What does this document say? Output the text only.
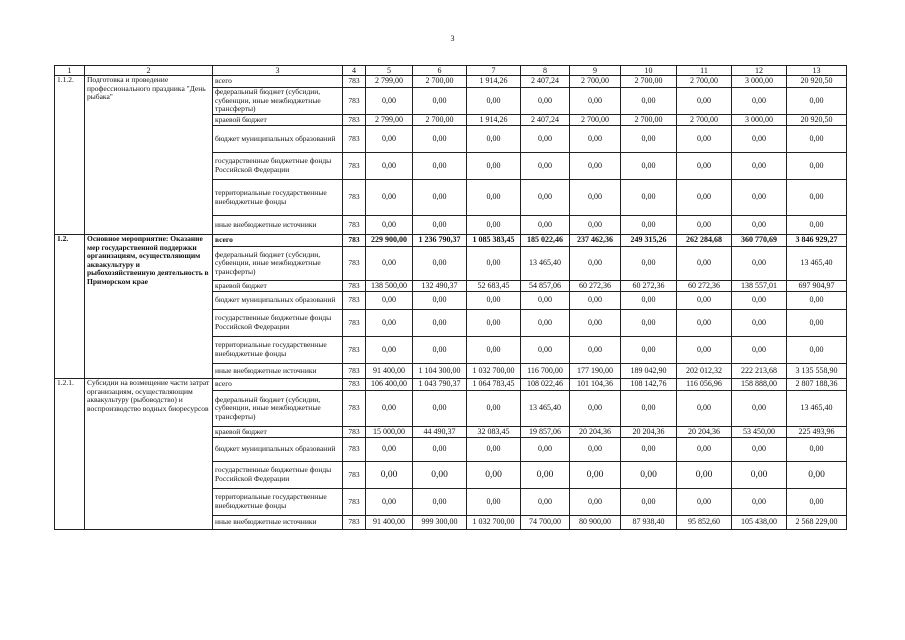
3
1	2	3	4	5	6	7	8	9	10	11	12	13
1.1.2.	Подготовка и проведение профессионального праздника "День рыбака"	всего	783	2 799,00	2 700,00	1 914,26	2 407,24	2 700,00	2 700,00	2 700,00	3 000,00	20 920,50
		федеральный бюджет (субсидии, субвенции, иные межбюджетные трансферты)	783	0,00	0,00	0,00	0,00	0,00	0,00	0,00	0,00	0,00
		краевой бюджет	783	2 799,00	2 700,00	1 914,26	2 407,24	2 700,00	2 700,00	2 700,00	3 000,00	20 920,50
		бюджет муниципальных образований	783	0,00	0,00	0,00	0,00	0,00	0,00	0,00	0,00	0,00
		государственные бюджетные фонды Российской Федерации	783	0,00	0,00	0,00	0,00	0,00	0,00	0,00	0,00	0,00
		территориальные государственные внебюджетные фонды	783	0,00	0,00	0,00	0,00	0,00	0,00	0,00	0,00	0,00
		иные внебюджетные источники	783	0,00	0,00	0,00	0,00	0,00	0,00	0,00	0,00	0,00
1.2.	Основное мероприятие: Оказание мер государственной поддержки организациям, осуществляющим аквакультуру и рыбохозяйственную деятельность в Приморском крае	всего	783	229 900,00	1 236 790,37	1 085 383,45	185 022,46	237 462,36	249 315,26	262 284,68	360 770,69	3 846 929,27
		федеральный бюджет (субсидии, субвенции, иные межбюджетные трансферты)	783	0,00	0,00	0,00	13 465,40	0,00	0,00	0,00	0,00	13 465,40
		краевой бюджет	783	138 500,00	132 490,37	52 683,45	54 857,06	60 272,36	60 272,36	60 272,36	138 557,01	697 904,97
		бюджет муниципальных образований	783	0,00	0,00	0,00	0,00	0,00	0,00	0,00	0,00	0,00
		государственные бюджетные фонды Российской Федерации	783	0,00	0,00	0,00	0,00	0,00	0,00	0,00	0,00	0,00
		территориальные государственные внебюджетные фонды	783	0,00	0,00	0,00	0,00	0,00	0,00	0,00	0,00	0,00
		иные внебюджетные источники	783	91 400,00	1 104 300,00	1 032 700,00	116 700,00	177 190,00	189 042,90	202 012,32	222 213,68	3 135 558,90
1.2.1.	Субсидии на возмещение части затрат организациям, осуществляющим аквакультуру (рыбоводство) и воспроизводство водных биоресурсов	всего	783	106 400,00	1 043 790,37	1 064 783,45	108 022,46	101 104,36	108 142,76	116 056,96	158 888,00	2 807 188,36
		федеральный бюджет (субсидии, субвенции, иные межбюджетные трансферты)	783	0,00	0,00	0,00	13 465,40	0,00	0,00	0,00	0,00	13 465,40
		краевой бюджет	783	15 000,00	44 490,37	32 083,45	19 857,06	20 204,36	20 204,36	20 204,36	53 450,00	225 493,96
		бюджет муниципальных образований	783	0,00	0,00	0,00	0,00	0,00	0,00	0,00	0,00	0,00
		государственные бюджетные фонды Российской Федерации	783	0,00	0,00	0,00	0,00	0,00	0,00	0,00	0,00	0,00
		территориальные государственные внебюджетные фонды	783	0,00	0,00	0,00	0,00	0,00	0,00	0,00	0,00	0,00
		иные внебюджетные источники	783	91 400,00	999 300,00	1 032 700,00	74 700,00	80 900,00	87 938,40	95 852,60	105 438,00	2 568 229,00
